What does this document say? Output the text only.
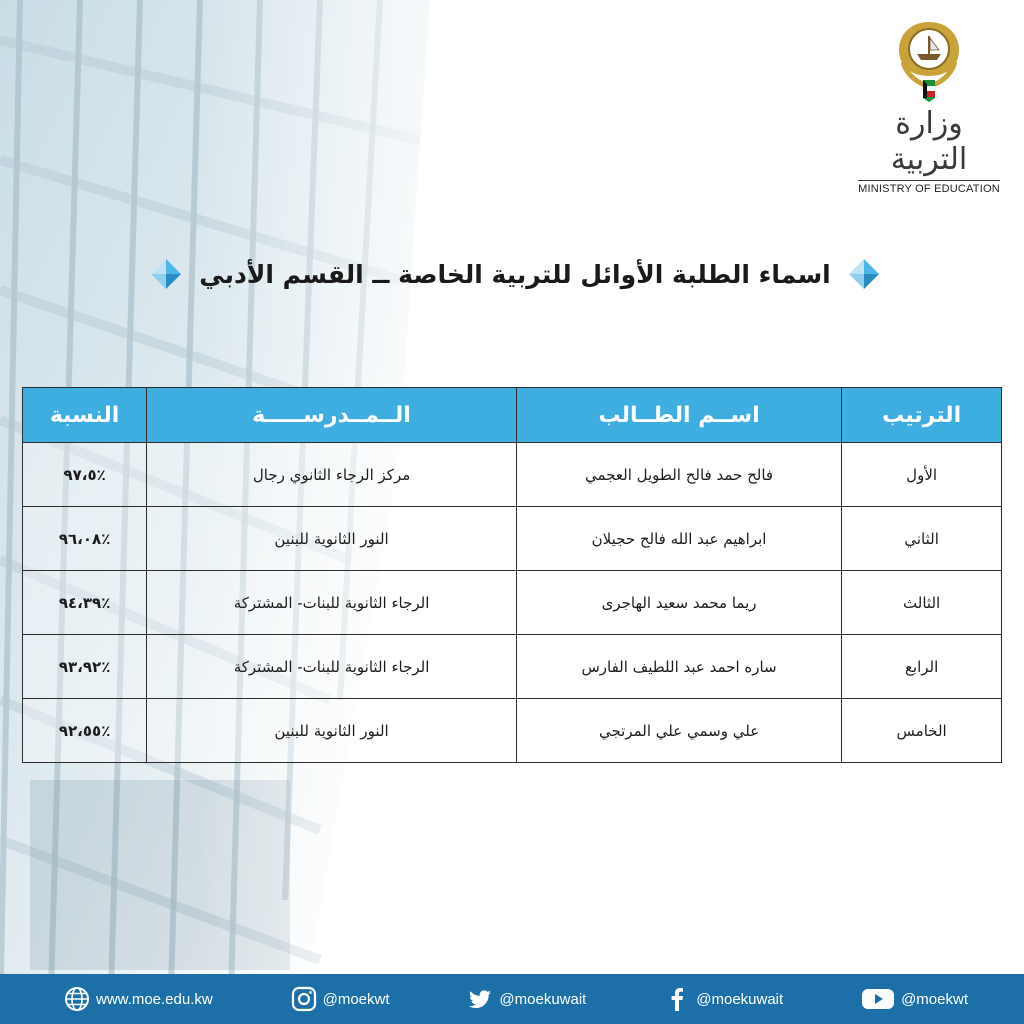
وزارة التربية
MINISTRY OF EDUCATION
اسماء الطلبة الأوائل للتربية الخاصة ــ القسم الأدبي
الترتيب	اســم الطــالب	الــمــدرســـــة	النسبة
الأول	فالح حمد فالح الطويل العجمي	مركز الرجاء الثانوي رجال	٪٩٧،٥
الثاني	ابراهيم عبد الله فالح حجيلان	النور الثانوية للبنين	٪٩٦،٠٨
الثالث	ريما محمد سعيد الهاجرى	الرجاء الثانوية للبنات- المشتركة	٪٩٤،٣٩
الرابع	ساره احمد عبد اللطيف الفارس	الرجاء الثانوية للبنات- المشتركة	٪٩٣،٩٢
الخامس	علي وسمي علي المرتجي	النور الثانوية للبنين	٪٩٢،٥٥
www.moe.edu.kw	@moekwt	@moekuwait	@moekuwait	@moekwt
